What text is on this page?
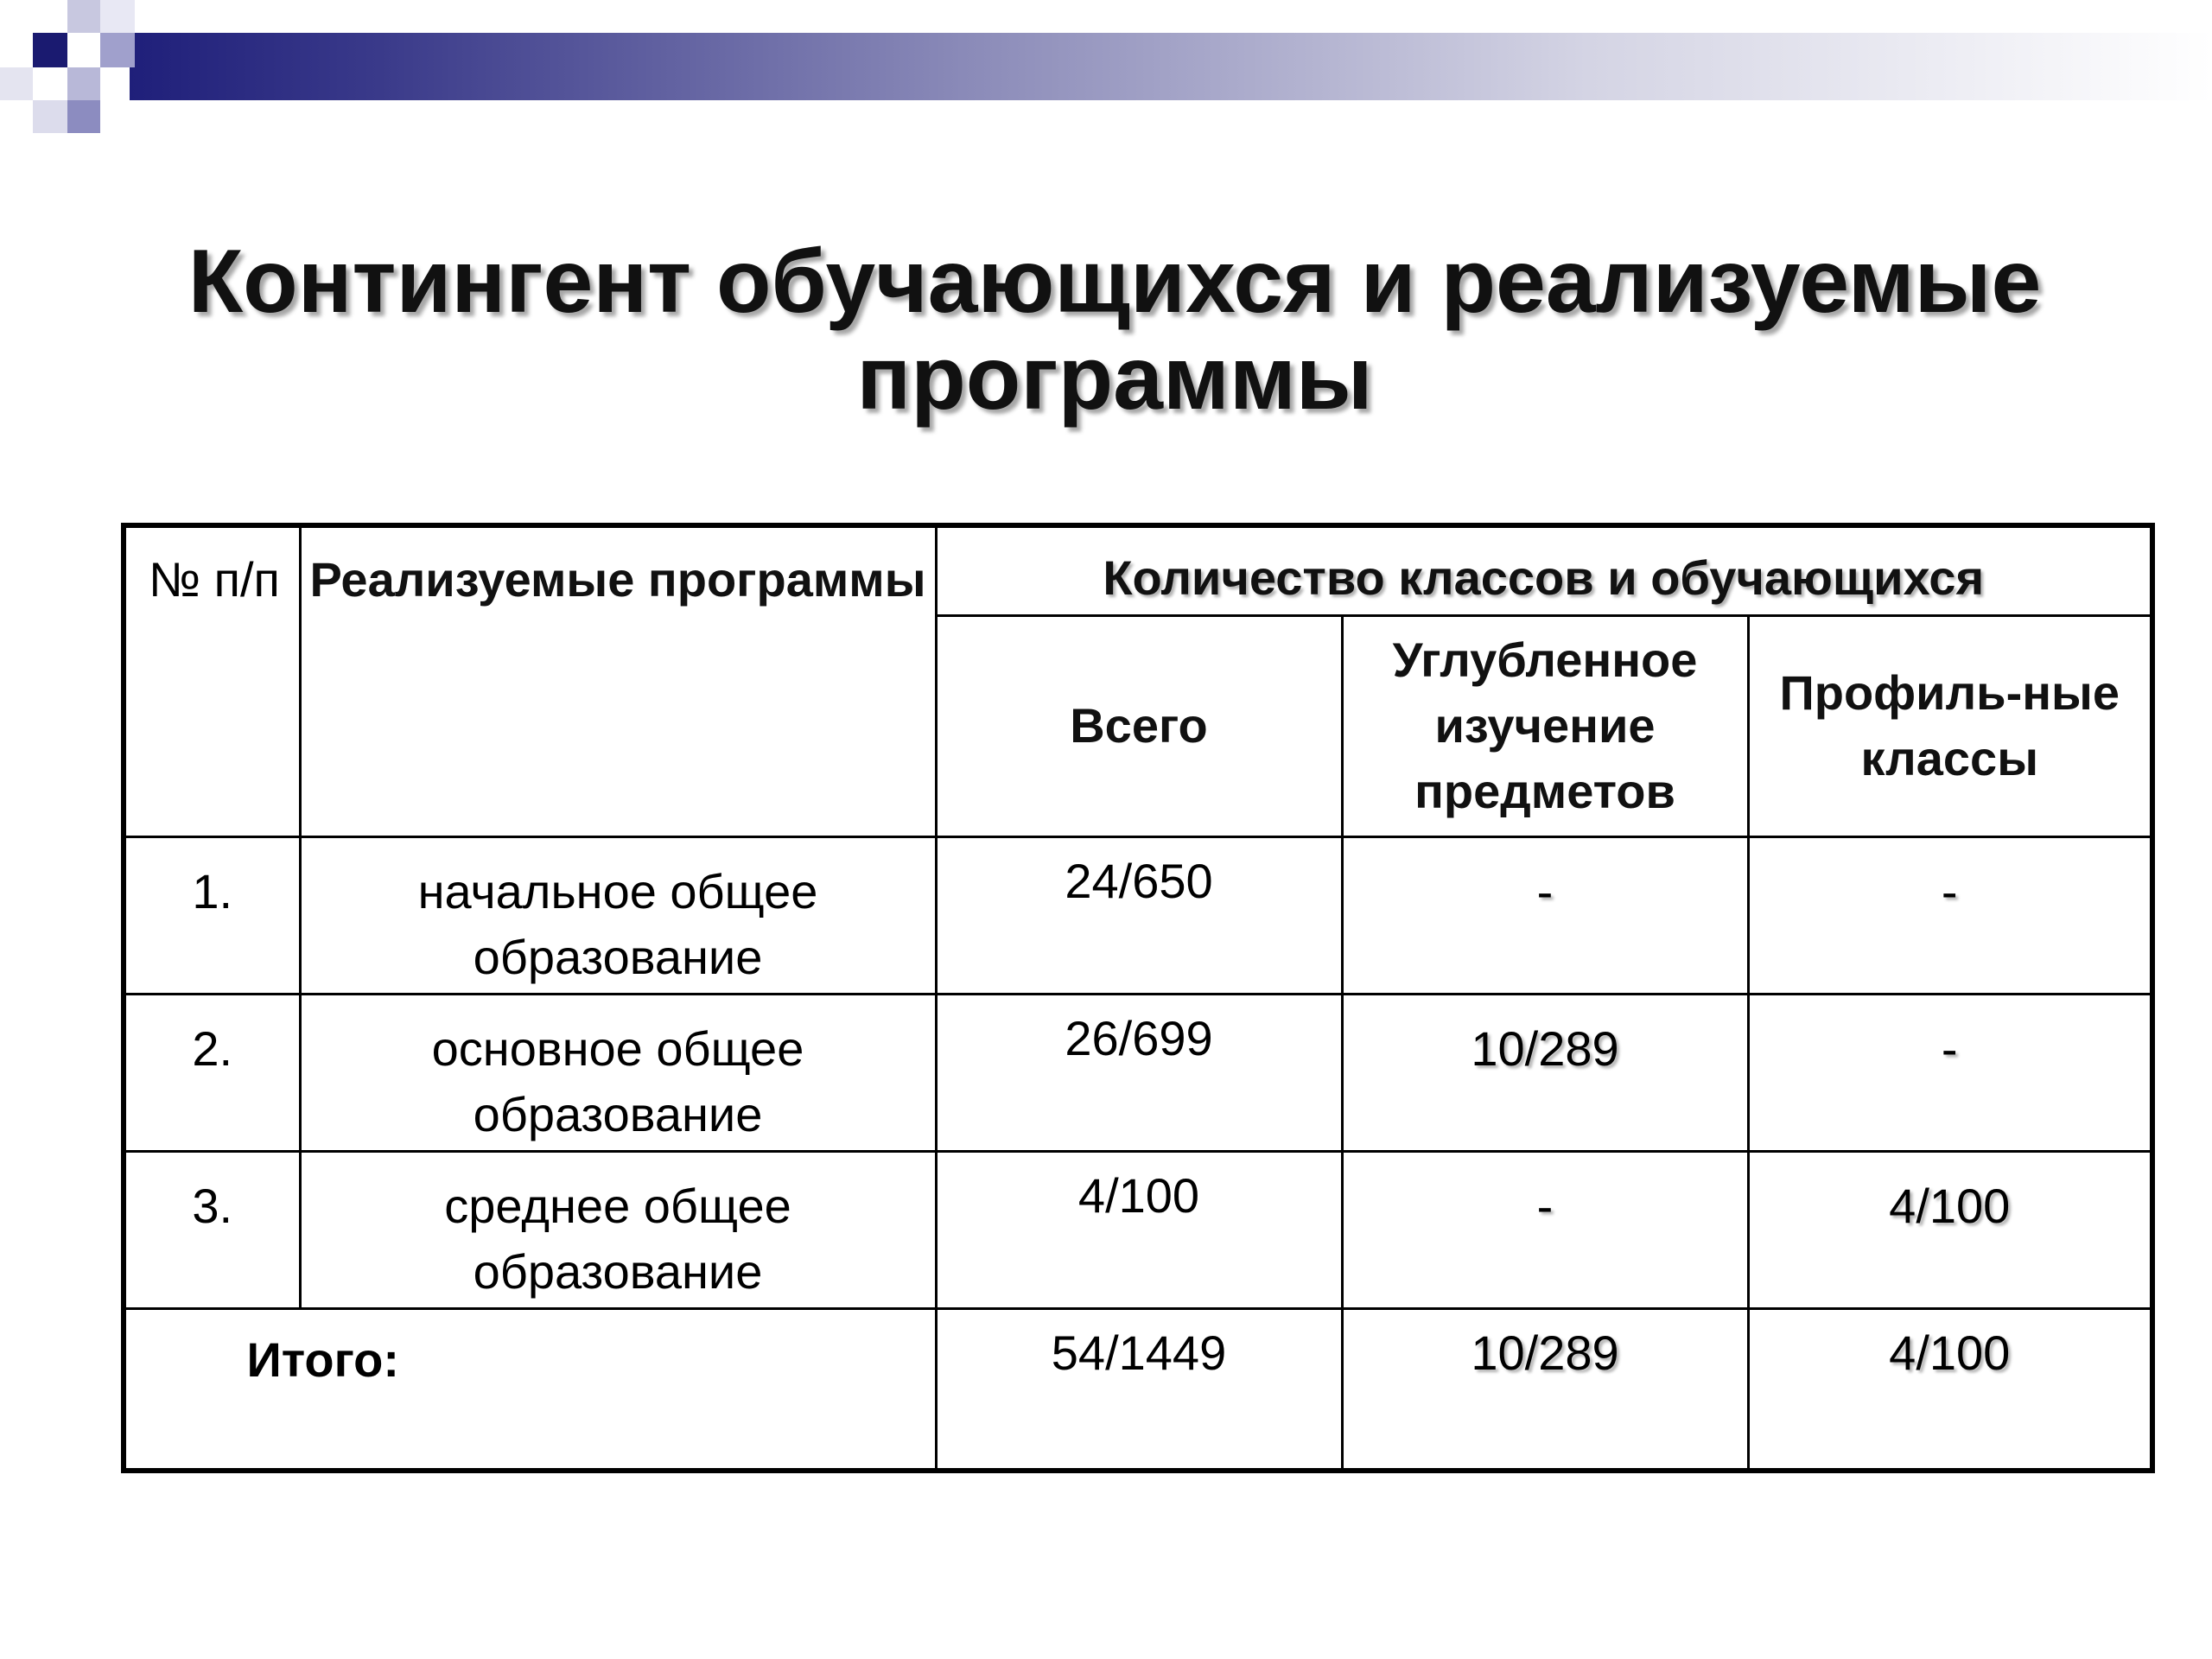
Контингент обучающихся и реализуемые программы
№ п/п	Реализуемые программы	Количество классов и обучающихся		
		Всего	Углубленное изучение предметов	Профиль-ные классы
1.	начальное общее образование	24/650	-	-
2.	основное общее образование	26/699	10/289	-
3.	среднее общее образование	4/100	-	4/100
Итого:		54/1449	10/289	4/100
